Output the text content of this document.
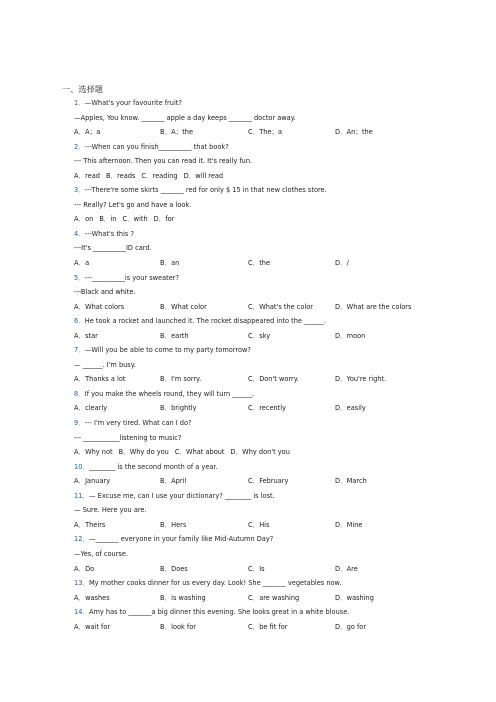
一、选择题
1．—What's your favourite fruit?
—Apples, You know. _______ apple a day keeps _______ doctor away.
A．A；a	B．A；the	C．The；a	D．An；the
2．---When can you finish__________ that book?
--- This afternoon. Then you can read it. It's really fun.
A．read B．reads C．reading D．will read
3．---There're some skirts _______ red for only $ 15 in that new clothes store.
--- Really? Let's go and have a look.
A．on B．in C．with D．for
4．---What's this ?
---It's __________ID card.
A．a	B．an	C．the	D．/
5．---__________is your sweater?
---Black and white.
A．What colors	B．What color	C．What's the color	D．What are the colors
6．He took a rocket and launched it. The rocket disappeared into the ______.
A．star	B．earth	C．sky	D．moon
7．—Will you be able to come to my party tomorrow?
— ______. I'm busy.
A．Thanks a lot	B．I'm sorry.	C．Don't worry.	D．You're right.
8．If you make the wheels round, they will turn ______.
A．clearly	B．brightly	C．recently	D．easily
9．--- I'm very tired. What can I do?
--- ___________listening to music?
A．Why not B．Why do you C．What about D．Why don't you
10．________ is the second month of a year.
A．January	B．April	C．February	D．March
11．— Excuse me, can I use your dictionary? ________ is lost.
— Sure. Here you are.
A．Theirs	B．Hers	C．His	D．Mine
12．—_______ everyone in your family like Mid-Autumn Day?
—Yes, of course.
A．Do	B．Does	C．Is	D．Are
13．My mother cooks dinner for us every day. Look! She _______ vegetables now.
A．washes	B．is washing	C．are washing	D．washing
14．Amy has to _______a big dinner this evening. She looks great in a white blouse.
A．wait for	B．look for	C．be fit for	D．go for
